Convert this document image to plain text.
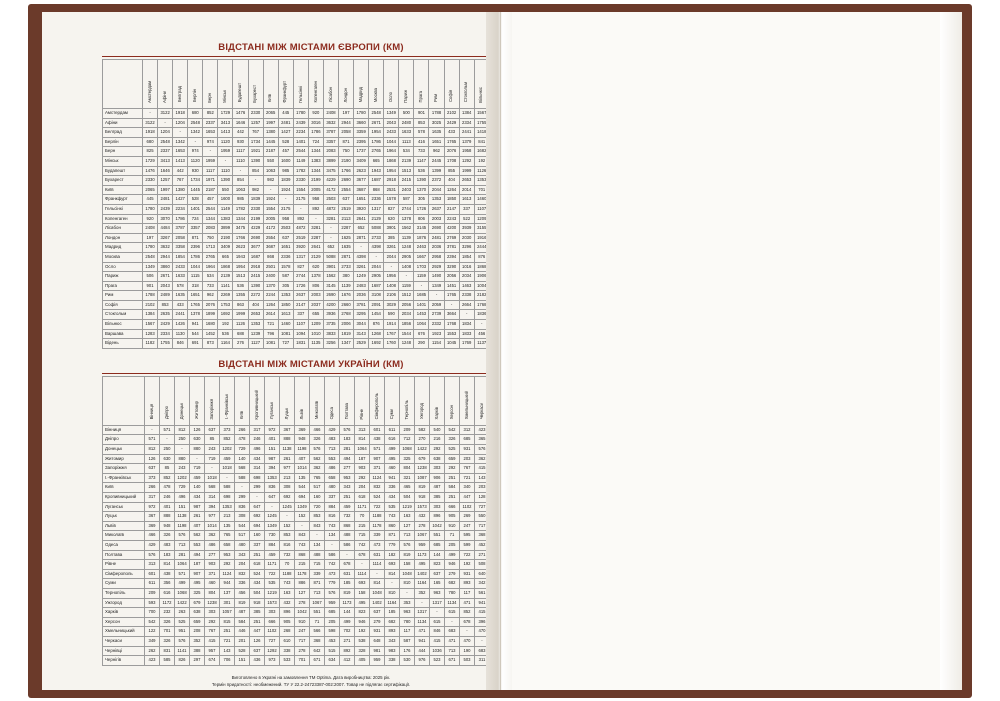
ВІДСТАНІ МІЖ МІСТАМИ ЄВРОПИ (КМ)
	Амстердам	Афіни	Белград	Берлін	Берн	Мінськ	Будапешт	Бухарест	Київ	Франкфурт	Гельсінкі	Копенгаген	Лісабон	Лондон	Мадрид	Москва	Осло	Париж	Прага	Рим	Софія	Стокгольм	Вільнюс		
Амстердам	-	3122	1918	680	852	1729	1476	2330	2065	445	1780	920	2408	197	1780	2548	1349	500	901	1788	2102	1384	1567		
Афіни	3122	-	1204	2548	2337	3413	1646	1257	1997	2481	2439	3016	3632	2944	3660	2671	2043	2480	853	3025	2429	2334	1755		
Белград	1918	1204	-	1342	1653	1413	442	767	1380	1427	2234	1786	3787	2058	3359	1954	2433	1633	578	1635	433	2441	1418		
Берлін	680	2548	1342	-	974	1120	930	1734	1445	528	1401	724	3357	871	2395	1786	1044	1113	416	1651	1765	1379	841		
Берн	825	2337	1653	974	-	1959	1117	1921	2187	457	2544	1344	2083	750	1737	2765	1964	534	733	962	2076	1958	1682		
Мінськ	1729	3413	1413	1120	1959	-	1110	1390	550	1600	1149	1383	3899	2190	3409	665	1868	2139	1147	2445	1708	1292	192		
Будапешт	1476	1646	442	930	1117	1110	-	854	1063	985	1782	1344	3475	1766	2623	1943	1954	1513	536	1399	855	1999	1126		
Бухарест	2330	1257	767	1734	1971	1390	854	-	982	1839	2330	2199	4229	2690	3677	1687	2918	2415	1390	2372	404	2653	1353		
Київ	2065	1997	1380	1445	2187	550	1063	982	-	1924	1554	2005	4172	2554	3687	868	2531	2403	1370	2044	1264	2014	701		
Франкфурт	445	2481	1427	528	457	1600	985	1839	1924	-	2175	958	2503	637	1651	2336	1578	587	305	1353	1850	1613	1460		
Гельсінкі	1780	2439	2234	1401	2544	1149	1782	2330	1554	2175	-	892	4872	2519	3920	1317	827	2744	1726	2637	2147	337	1107		
Копенгаген	920	3070	1786	724	1344	1383	1344	2199	2005	958	892	-	3281	2113	2641	2129	620	1378	806	2003	2243	522	1209		
Лісабон	2408	4484	3787	3357	2083	3899	3475	4229	4172	2503	4872	3281	-	2287	652	5088	3901	1562	3145	2690	4200	3939	3155		
Лондон	197	3267	2058	871	750	2190	1766	2690	2554	637	2519	2287	-	1625	2871	2733	385	1139	1876	2481	2769	2030	1916		
Мадрид	1780	3632	3358	2396	1713	3409	2623	3677	3687	1651	3920	2641	652	1635	-	4398	3261	1248	2463	2036	3781	3296	2444		
Москва	2548	2944	1854	1786	2765	665	1943	1687	868	2336	1317	2129	5088	2871	4398	-	2044	2905	1667	2958	2394	1854	876		
Осло	1349	3860	2433	1044	1964	1868	1954	2918	2501	1578	827	620	3901	2733	3261	2044	-	1408	1703	2929	3290	1016	1868		
Париж	506	2671	1633	1115	534	2139	1513	2415	2400	587	2744	1378	1562	380	1249	2905	1956	-	1159	1490	2056	2034	1906		
Прага	901	2043	578	318	733	1141	536	1390	1370	305	1726	806	3145	1139	2483	1687	1408	1159	-	1349	1451	1463	1004		
Рим	1788	2489	1635	1651	962	2269	1355	2272	2244	1353	2637	2003	2690	1676	2036	3108	2106	1512	1685	-	1765	2338	2182		
Софія	2102	853	433	1765	2076	1753	863	404	1264	1850	2147	2037	4200	2660	3781	2091	3029	2056	1401	2059	-	2664	1768		
Стокгольм	1384	2635	2441	1378	1899	1692	1999	2653	2614	1613	337	655	3936	2768	3295	1454	590	2034	1453	2739	3664	-	1836		
Вільнюс	1567	2429	1426	941	1680	192	1126	1353	721	1460	1107	1209	3735	2006	3044	876	1914	1856	1064	2332	1768	1834	-		
Варшава	1283	2334	1130	544	1452	536	688	1239	796	1081	1094	1010	3833	1819	3143	1268	1767	1544	676	1923	1553	1833	456		
Відень	1182	1755	846	691	873	1164	276	1127	1081	727	1831	1135	3256	1347	2529	1692	1760	1248	290	1154	1045	1769	1137		
ВІДСТАНІ МІЖ МІСТАМИ УКРАЇНИ (КМ)
	Вінниця	Дніпро	Донецьк	Житомир	Запоріжжя	І.-Франківськ	Київ	Кропивницький	Луганськ	Луцьк	Львів	Миколаїв	Одеса	Полтава	Рівне	Сімферополь	Суми	Тернопіль	Ужгород	Харків	Херсон	Хмельницький	Черкаси		
Вінниця	-	571	812	126	637	373	266	317	972	367	369	466	429	576	313	601	611	209	582	540	542	312	423		
Дніпро	571	-	250	630	85	852	478	246	401	888	948	326	483	183	814	438	616	712	270	216	326	685	365		
Донецьк	812	250	-	880	243	1202	729	496	151	1138	1198	576	713	281	1064	571	499	1068	1422	292	525	931	576		
Житомир	126	630	880	-	719	459	140	434	987	261	407	562	553	494	187	907	495	325	679	638	659	203	362		
Запоріжжя	637	85	243	719	-	1018	568	314	394	977	1014	362	486	277	903	371	460	804	1238	303	292	767	415		
І.-Франківськ	373	852	1202	459	1018	-	588	698	1353	213	135	765	658	953	292	1124	941	321	1087	906	251	721	143		
Київ	266	478	729	140	568	588	-	299	836	308	544	517	480	343	204	832	336	465	819	487	584	340	203		
Кропивницький	317	246	496	434	314	698	299	-	647	692	694	160	337	251	618	524	434	504	918	385	251	447	128		
Луганськ	972	401	151	987	394	1353	836	647	-	1245	1349	720	884	459	1171	722	535	1219	1573	303	666	1102	727		
Луцьк	367	888	1138	261	977	213	308	692	1245	-	152	853	816	732	70	1188	743	163	432	896	905	269	550		
Львів	369	948	1198	407	1014	135	544	694	1349	152	-	843	743	868	215	1178	860	127	278	1042	910	247	717		
Миколаїв	466	326	576	562	362	765	517	160	730	853	843	-	134	488	715	339	871	713	1067	551	71	595	368		
Одеса	429	483	713	553	486	658	480	337	884	816	743	134	-	586	742	473	779	576	959	685	205	599	452		
Полтава	576	183	281	494	277	953	343	251	459	732	868	488	586	-	678	631	182	819	1173	144	499	722	271		
Рівне	313	814	1064	187	903	292	204	618	1171	70	215	715	742	678	-	1114	693	158	495	823	946	192	508		
Сімферополь	601	438	571	907	371	1124	832	524	722	1188	1178	339	473	631	1114	-	814	1048	1402	637	279	931	640		
Суми	611	356	499	495	460	944	336	434	535	743	886	871	779	185	693	814	-	810	1164	165	682	893	342		
Тернопіль	209	616	1068	325	804	137	456	504	1219	163	127	713	576	819	158	1048	810	-	352	963	780	117	561		
Ужгород	593	1172	1422	679	1238	301	819	918	1573	432	278	1067	959	1173	495	1402	1164	353	-	1317	1134	471	941		
Харків	700	232	263	638	303	1057	487	385	303	896	1042	551	685	144	823	637	185	963	1317	-	615	852	415		
Херсон	542	326	525	659	292	815	584	251	666	905	910	71	205	499	946	279	682	780	1134	615	-	678	396		
Хмельницький	122	701	951	208	767	251	446	447	1102	268	247	566	598	702	192	931	893	117	471	846	683	-	470		
Черкаси	349	326	576	352	415	721	201	126	727	610	717	368	453	271	538	648	343	587	941	415	471	470	-		
Чернівці	262	831	1141	388	957	143	528	637	1292	338	278	642	515	892	328	981	983	176	444	1036	713	190	683		
Чернігів	423	585	826	297	674	706	151	436	973	533	701	671	634	412	405	959	338	530	976	523	671	503	311		
Виготовлено в Україні на замовлення ТМ Optima. Дата виробництва: 2025 рік.
Термін придатності: необмежений. ТУ У 22.2-24723387-002:2007. Товар не підлягає сертифікації.
